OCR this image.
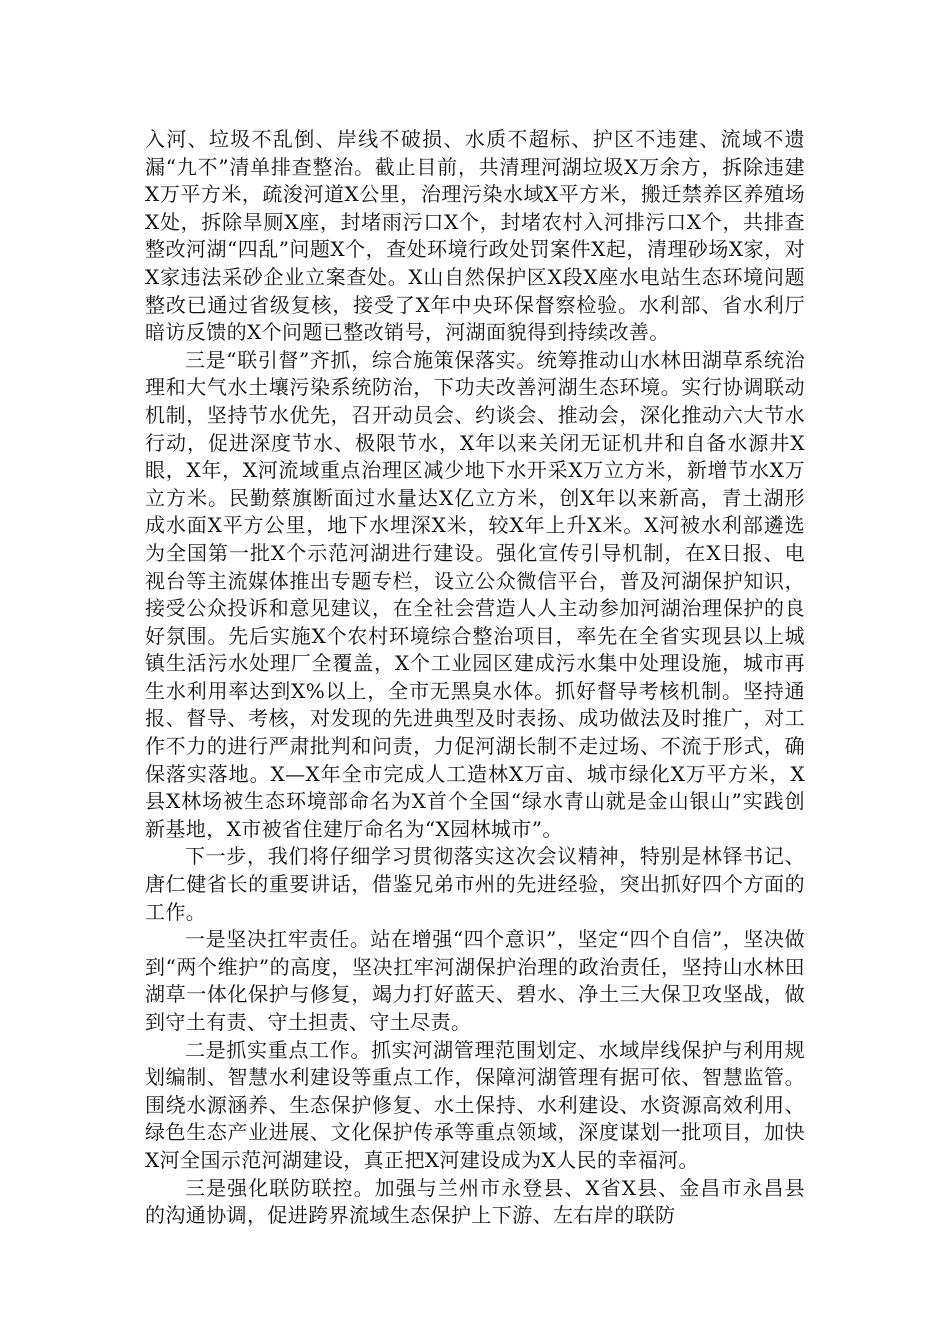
入河、垃圾不乱倒、岸线不破损、水质不超标、护区不违建、流域不遗漏“九不”清单排查整治。截止目前，共清理河湖垃圾X万余方，拆除违建X万平方米，疏浚河道X公里，治理污染水域X平方米，搬迁禁养区养殖场X处，拆除旱厕X座，封堵雨污口X个，封堵农村入河排污口X个，共排查整改河湖“四乱”问题X个，查处环境行政处罚案件X起，清理砂场X家，对X家违法采砂企业立案查处。X山自然保护区X段X座水电站生态环境问题整改已通过省级复核，接受了X年中央环保督察检验。水利部、省水利厅暗访反馈的X个问题已整改销号，河湖面貌得到持续改善。

三是“联引督”齐抓，综合施策保落实。统筹推动山水林田湖草系统治理和大气水土壤污染系统防治，下功夫改善河湖生态环境。实行协调联动机制，坚持节水优先，召开动员会、约谈会、推动会，深化推动六大节水行动，促进深度节水、极限节水，X年以来关闭无证机井和自备水源井X眼，X年，X河流域重点治理区减少地下水开采X万立方米，新增节水X万立方米。民勤蔡旗断面过水量达X亿立方米，创X年以来新高，青土湖形成水面X平方公里，地下水埋深X米，较X年上升X米。X河被水利部遴选为全国第一批X个示范河湖进行建设。强化宣传引导机制，在X日报、电视台等主流媒体推出专题专栏，设立公众微信平台，普及河湖保护知识，接受公众投诉和意见建议，在全社会营造人人主动参加河湖治理保护的良好氛围。先后实施X个农村环境综合整治项目，率先在全省实现县以上城镇生活污水处理厂全覆盖，X个工业园区建成污水集中处理设施，城市再生水利用率达到X%以上，全市无黑臭水体。抓好督导考核机制。坚持通报、督导、考核，对发现的先进典型及时表扬、成功做法及时推广，对工作不力的进行严肃批判和问责，力促河湖长制不走过场、不流于形式，确保落实落地。X—X年全市完成人工造林X万亩、城市绿化X万平方米，X县X林场被生态环境部命名为X首个全国“绿水青山就是金山银山”实践创新基地，X市被省住建厅命名为“X园林城市”。

下一步，我们将仔细学习贯彻落实这次会议精神，特别是林铎书记、唐仁健省长的重要讲话，借鉴兄弟市州的先进经验，突出抓好四个方面的工作。

一是坚决扛牢责任。站在增强“四个意识”，坚定“四个自信”，坚决做到“两个维护”的高度，坚决扛牢河湖保护治理的政治责任，坚持山水林田湖草一体化保护与修复，竭力打好蓝天、碧水、净土三大保卫攻坚战，做到守土有责、守土担责、守土尽责。

二是抓实重点工作。抓实河湖管理范围划定、水域岸线保护与利用规划编制、智慧水利建设等重点工作，保障河湖管理有据可依、智慧监管。围绕水源涵养、生态保护修复、水土保持、水利建设、水资源高效利用、绿色生态产业进展、文化保护传承等重点领域，深度谋划一批项目，加快X河全国示范河湖建设，真正把X河建设成为X人民的幸福河。

三是强化联防联控。加强与兰州市永登县、X省X县、金昌市永昌县的沟通协调，促进跨界流域生态保护上下游、左右岸的联防
